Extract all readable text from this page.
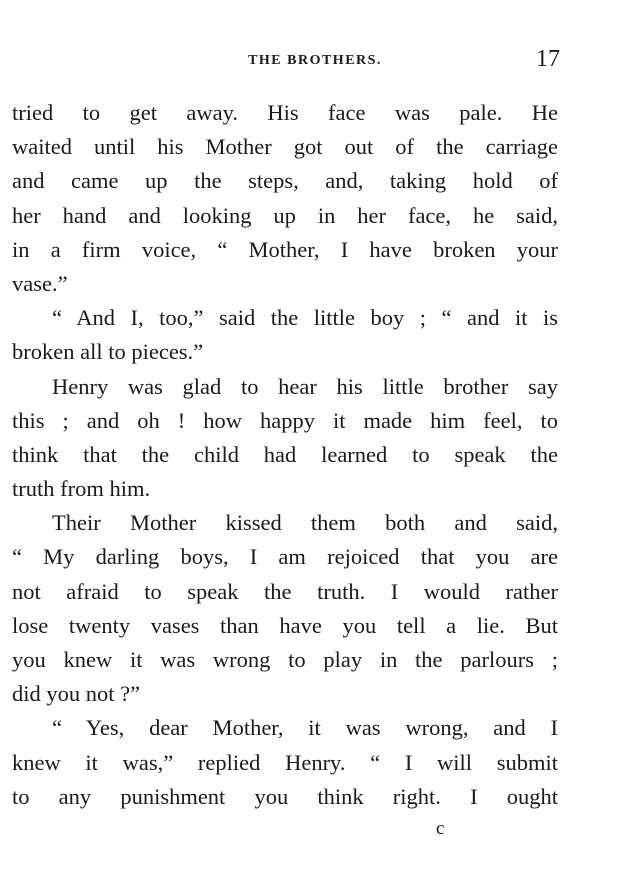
THE BROTHERS.	17
tried to get away. His face was pale. He
waited until his Mother got out of the carriage
and came up the steps, and, taking hold of
her hand and looking up in her face, he said,
in a firm voice, “ Mother, I have broken your
vase.”
“ And I, too,” said the little boy ; “ and it is
broken all to pieces.”
Henry was glad to hear his little brother say
this ; and oh ! how happy it made him feel, to
think that the child had learned to speak the
truth from him.
Their Mother kissed them both and said,
“ My darling boys, I am rejoiced that you are
not afraid to speak the truth. I would rather
lose twenty vases than have you tell a lie. But
you knew it was wrong to play in the parlours ;
did you not ?”
“ Yes, dear Mother, it was wrong, and I
knew it was,” replied Henry. “ I will submit
to any punishment you think right. I ought
c
